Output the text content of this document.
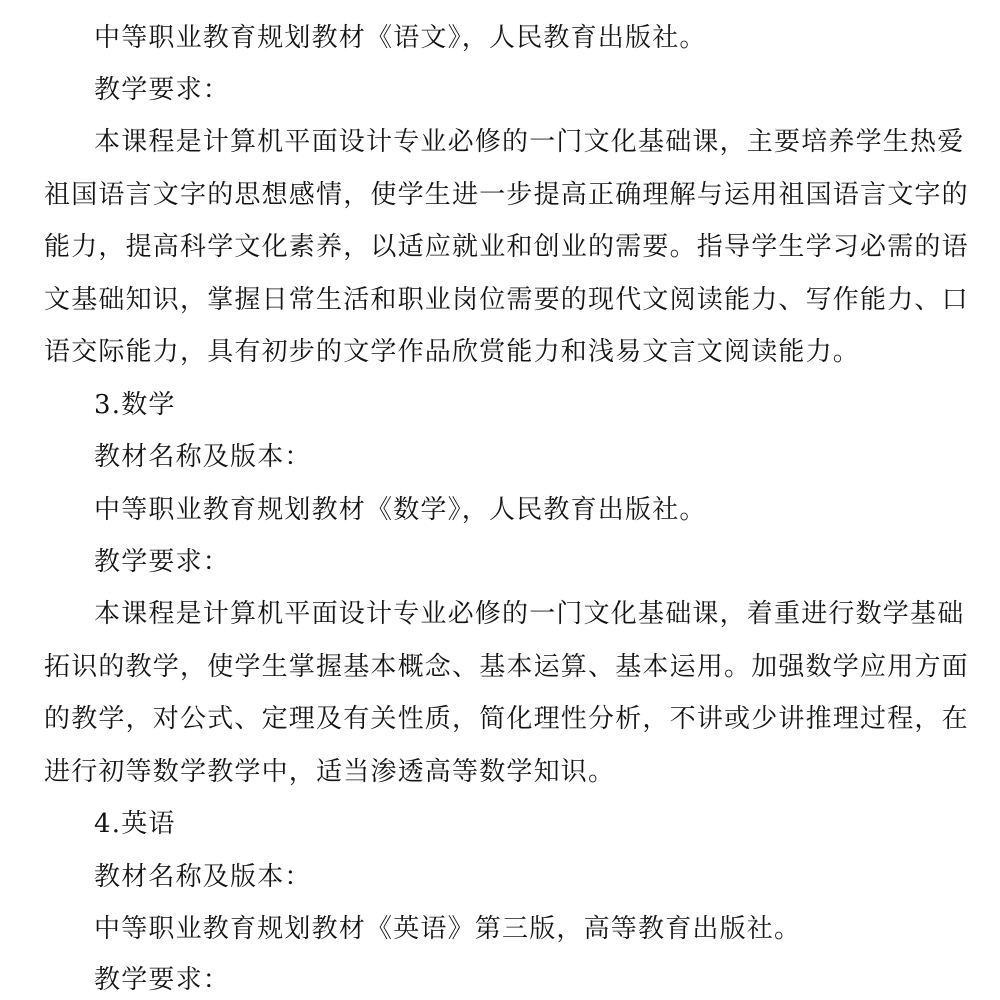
中等职业教育规划教材《语文》，人民教育出版社。
教学要求：
本课程是计算机平面设计专业必修的一门文化基础课，主要培养学生热爱
祖国语言文字的思想感情，使学生进一步提高正确理解与运用祖国语言文字的
能力，提高科学文化素养，以适应就业和创业的需要。指导学生学习必需的语
文基础知识，掌握日常生活和职业岗位需要的现代文阅读能力、写作能力、口
语交际能力，具有初步的文学作品欣赏能力和浅易文言文阅读能力。
3.数学
教材名称及版本：
中等职业教育规划教材《数学》，人民教育出版社。
教学要求：
本课程是计算机平面设计专业必修的一门文化基础课，着重进行数学基础
拓识的教学，使学生掌握基本概念、基本运算、基本运用。加强数学应用方面
的教学，对公式、定理及有关性质，简化理性分析，不讲或少讲推理过程，在
进行初等数学教学中，适当渗透高等数学知识。
4.英语
教材名称及版本：
中等职业教育规划教材《英语》第三版，高等教育出版社。
教学要求：
